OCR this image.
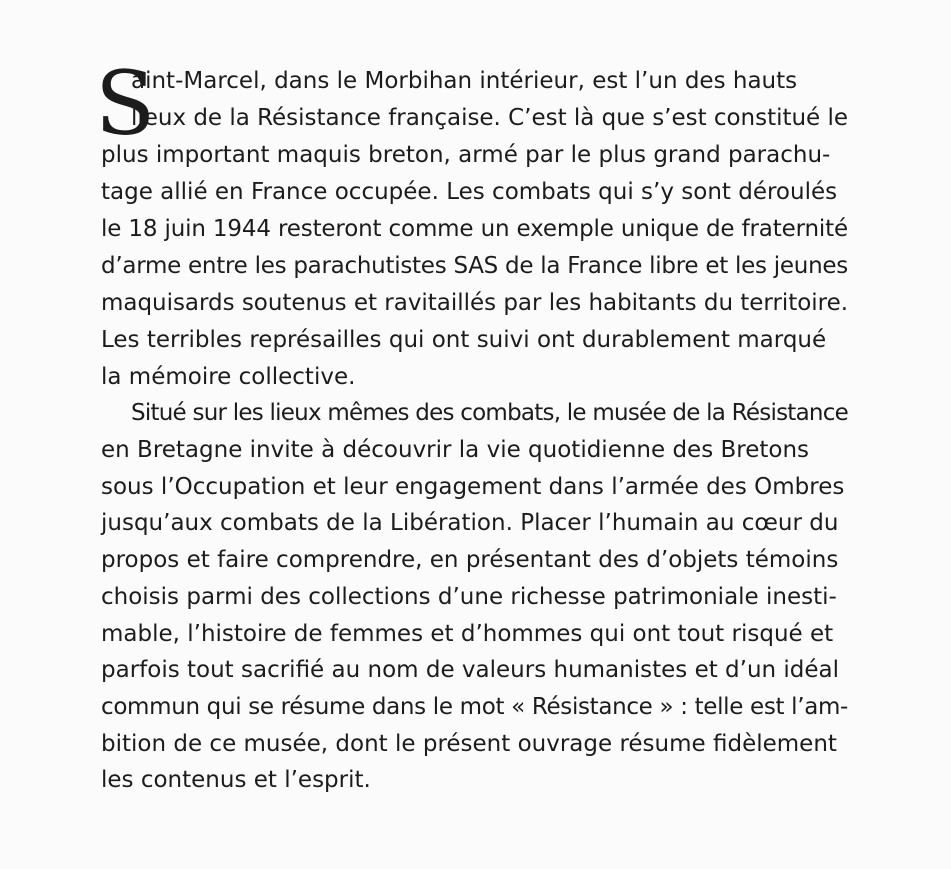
S
aint-Marcel, dans le Morbihan intérieur, est l’un des hauts
lieux de la Résistance française. C’est là que s’est constitué le
plus important maquis breton, armé par le plus grand parachu-
tage allié en France occupée. Les combats qui s’y sont déroulés
le 18 juin 1944 resteront comme un exemple unique de fraternité
d’arme entre les parachutistes SAS de la France libre et les jeunes
maquisards soutenus et ravitaillés par les habitants du territoire.
Les terribles représailles qui ont suivi ont durablement marqué
la mémoire collective.
Situé sur les lieux mêmes des combats, le musée de la Résistance
en Bretagne invite à découvrir la vie quotidienne des Bretons
sous l’Occupation et leur engagement dans l’armée des Ombres
jusqu’aux combats de la Libération. Placer l’humain au cœur du
propos et faire comprendre, en présentant des d’objets témoins
choisis parmi des collections d’une richesse patrimoniale inesti-
mable, l’histoire de femmes et d’hommes qui ont tout risqué et
parfois tout sacrifié au nom de valeurs humanistes et d’un idéal
commun qui se résume dans le mot « Résistance » : telle est l’am-
bition de ce musée, dont le présent ouvrage résume fidèlement
les contenus et l’esprit.
